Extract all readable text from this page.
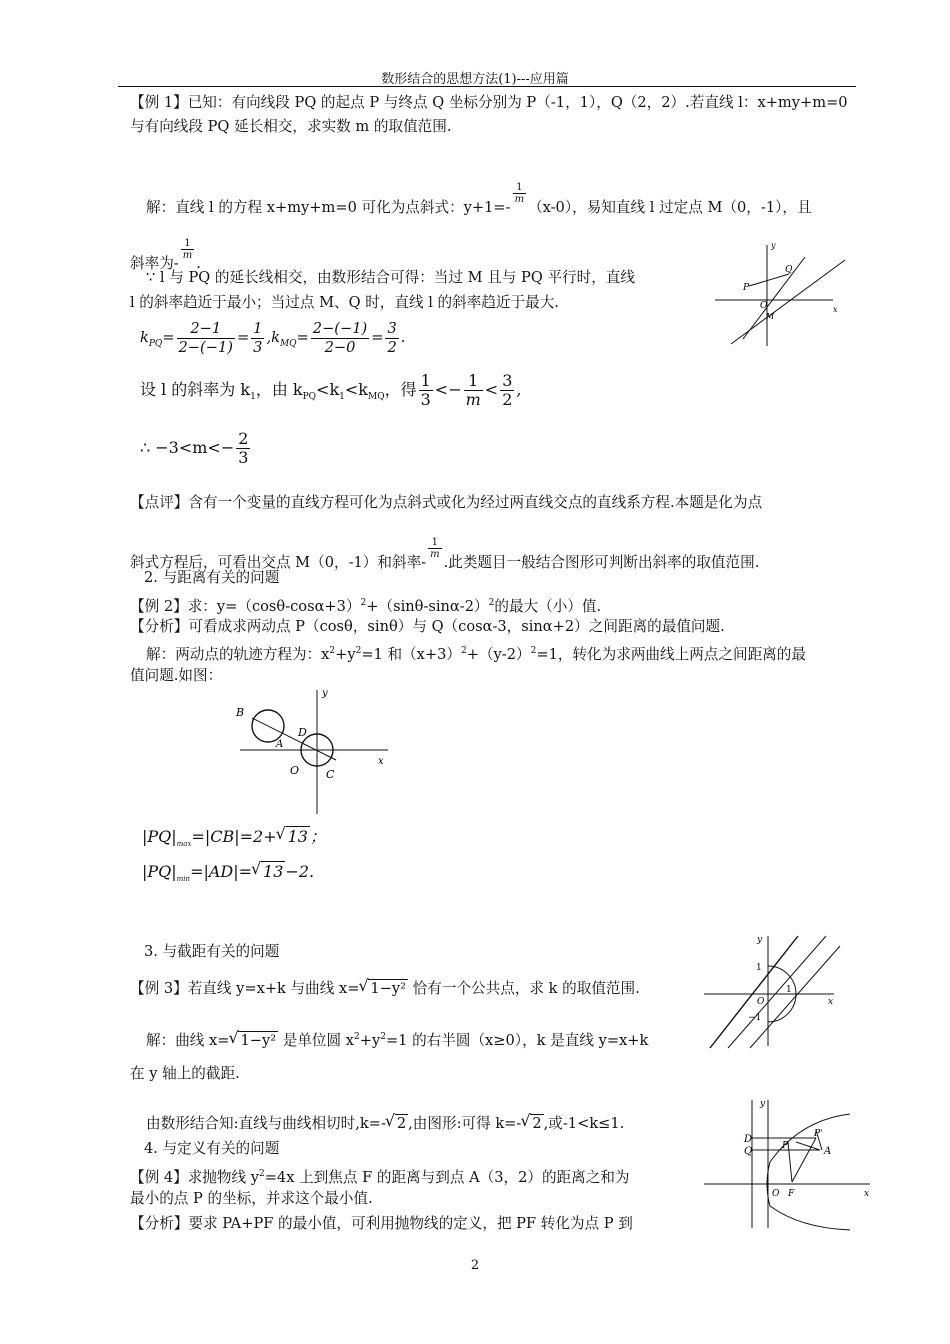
数形结合的思想方法(1)---应用篇
【例 1】已知：有向线段 PQ 的起点 P 与终点 Q 坐标分别为 P（-1，1），Q（2，2）.若直线 l：x+my+m=0
与有向线段 PQ 延长相交，求实数 m 的取值范围.
解：直线 l 的方程 x+my+m=0 可化为点斜式：y+1=-
$\frac{1}{m}$
（x-0），易知直线 l 过定点 M（0，-1），且
斜率为-
$\frac{1}{m}$
.
∵ l 与 PQ 的延长线相交，由数形结合可得：当过 M 且与 PQ 平行时，直线
l 的斜率趋近于最小；当过点 M、Q 时，直线 l 的斜率趋近于最大.
$k_{PQ}= \frac{2-1}{2-(-1)} = \frac{1}{3} ,k_{MQ}= \frac{2-(-1)}{2-0} = \frac{3}{2}$ .
设 l 的斜率为 $k_1$，由 $k_{PQ}<k_1<k_{MQ}$，得 $\frac{1}{3} <- \frac{1}{m} < \frac{3}{2}$ ,
∴ $-3<m<- \frac{2}{3}$
y
x
P
Q
O
M
【点评】含有一个变量的直线方程可化为点斜式或化为经过两直线交点的直线系方程.本题是化为点
斜式方程后，可看出交点 M（0，-1）和斜率-
$\frac{1}{m}$
.此类题目一般结合图形可判断出斜率的取值范围.
2. 与距离有关的问题
【例 2】求：$y=(\cos\theta-\cos\alpha+3)^2+(\sin\theta-\sin\alpha-2)^2$的最大（小）值.
【分析】可看成求两动点 P（cosθ，sinθ）与 Q（cosα-3，sinα+2）之间距离的最值问题.
解：两动点的轨迹方程为：$x^2+y^2=1$ 和$(x+3)^2+(y-2)^2=1$，转化为求两曲线上两点之间距离的最
值问题.如图：
y
x
B
D
A
O C
$|PQ|_{max}=|CB|=2+√$ 13 ；
$|PQ|_{min}=|AD|=√$ 13 −2.
3. 与截距有关的问题
【例 3】若直线 y=x+k 与曲线 x=√ 1−y² 恰有一个公共点，求 k 的取值范围.
解：曲线 x=√ 1−y² 是单位圆 $x^2+y^2=1$ 的右半圆（x≥0），k 是直线 y=x+k
在 y 轴上的截距.
由数形结合知:直线与曲线相切时,k=-√ 2 ,由图形:可得 k=-√ 2 ,或-1<k≤1.
y
x
1
1
O
−1
4. 与定义有关的问题
【例 4】求抛物线 $y^2=4x$ 上到焦点 F 的距离与到点 A（3，2）的距离之和为
最小的点 P 的坐标，并求这个最小值.
【分析】要求 PA+PF 的最小值，可利用抛物线的定义，把 PF 转化为点 P 到
y
x
D
Q	P
P'
A
O F
2
